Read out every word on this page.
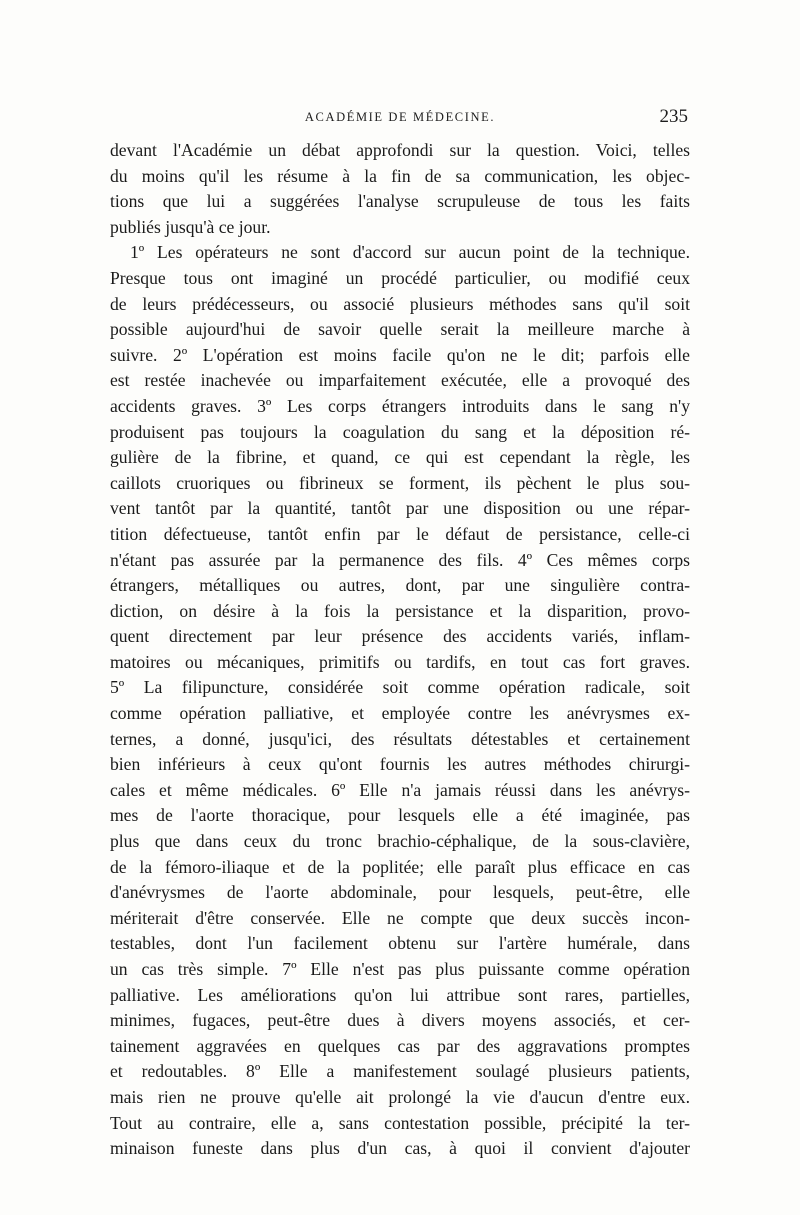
ACADÉMIE DE MÉDECINE.	235
devant l'Académie un débat approfondi sur la question. Voici, telles
du moins qu'il les résume à la fin de sa communication, les objec-
tions que lui a suggérées l'analyse scrupuleuse de tous les faits
publiés jusqu'à ce jour.
1º Les opérateurs ne sont d'accord sur aucun point de la technique.
Presque tous ont imaginé un procédé particulier, ou modifié ceux
de leurs prédécesseurs, ou associé plusieurs méthodes sans qu'il soit
possible aujourd'hui de savoir quelle serait la meilleure marche à
suivre. 2º L'opération est moins facile qu'on ne le dit; parfois elle
est restée inachevée ou imparfaitement exécutée, elle a provoqué des
accidents graves. 3º Les corps étrangers introduits dans le sang n'y
produisent pas toujours la coagulation du sang et la déposition ré-
gulière de la fibrine, et quand, ce qui est cependant la règle, les
caillots cruoriques ou fibrineux se forment, ils pèchent le plus sou-
vent tantôt par la quantité, tantôt par une disposition ou une répar-
tition défectueuse, tantôt enfin par le défaut de persistance, celle-ci
n'étant pas assurée par la permanence des fils. 4º Ces mêmes corps
étrangers, métalliques ou autres, dont, par une singulière contra-
diction, on désire à la fois la persistance et la disparition, provo-
quent directement par leur présence des accidents variés, inflam-
matoires ou mécaniques, primitifs ou tardifs, en tout cas fort graves.
5º La filipuncture, considérée soit comme opération radicale, soit
comme opération palliative, et employée contre les anévrysmes ex-
ternes, a donné, jusqu'ici, des résultats détestables et certainement
bien inférieurs à ceux qu'ont fournis les autres méthodes chirurgi-
cales et même médicales. 6º Elle n'a jamais réussi dans les anévrys-
mes de l'aorte thoracique, pour lesquels elle a été imaginée, pas
plus que dans ceux du tronc brachio-céphalique, de la sous-clavière,
de la fémoro-iliaque et de la poplitée; elle paraît plus efficace en cas
d'anévrysmes de l'aorte abdominale, pour lesquels, peut-être, elle
mériterait d'être conservée. Elle ne compte que deux succès incon-
testables, dont l'un facilement obtenu sur l'artère humérale, dans
un cas très simple. 7º Elle n'est pas plus puissante comme opération
palliative. Les améliorations qu'on lui attribue sont rares, partielles,
minimes, fugaces, peut-être dues à divers moyens associés, et cer-
tainement aggravées en quelques cas par des aggravations promptes
et redoutables. 8º Elle a manifestement soulagé plusieurs patients,
mais rien ne prouve qu'elle ait prolongé la vie d'aucun d'entre eux.
Tout au contraire, elle a, sans contestation possible, précipité la ter-
minaison funeste dans plus d'un cas, à quoi il convient d'ajouter
